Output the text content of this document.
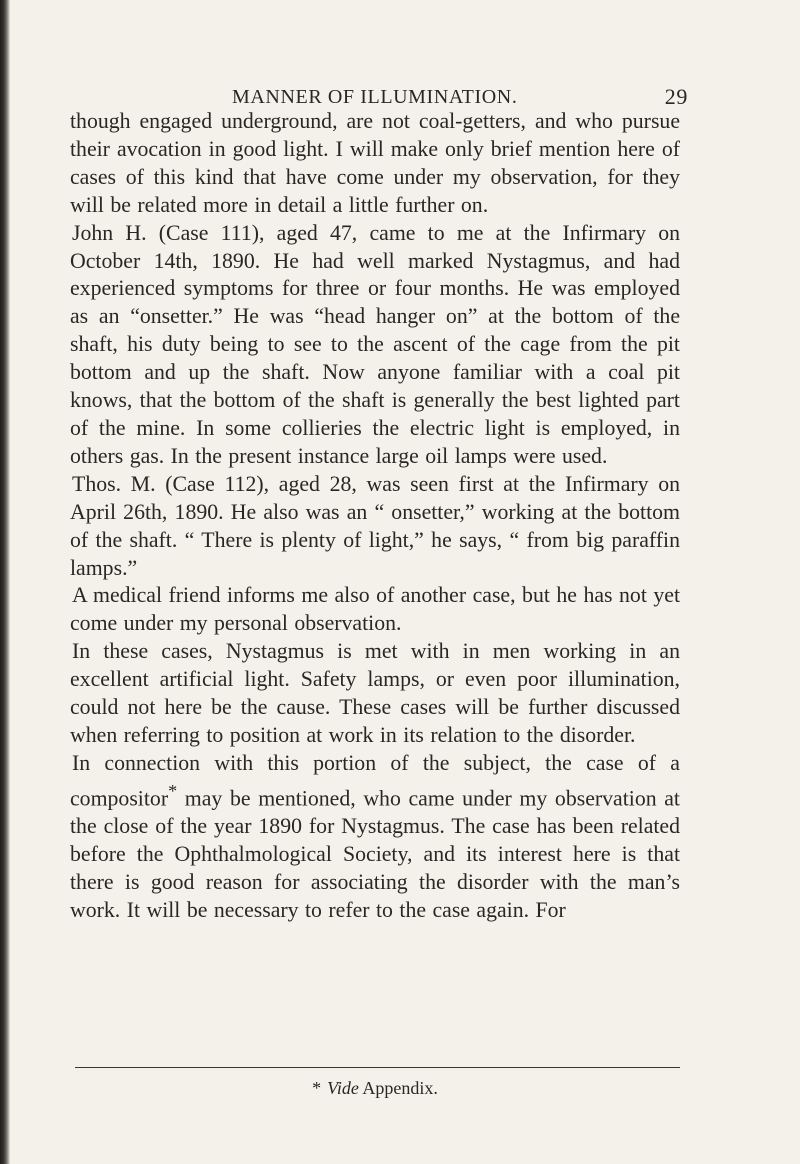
MANNER OF ILLUMINATION.	29

though engaged underground, are not coal-getters, and who pursue their avocation in good light. I will make only brief mention here of cases of this kind that have come under my observation, for they will be related more in detail a little further on.

John H. (Case 111), aged 47, came to me at the Infirmary on October 14th, 1890. He had well marked Nystagmus, and had experienced symptoms for three or four months. He was employed as an “onsetter.” He was “head hanger on” at the bottom of the shaft, his duty being to see to the ascent of the cage from the pit bottom and up the shaft. Now anyone familiar with a coal pit knows, that the bottom of the shaft is generally the best lighted part of the mine. In some collieries the electric light is employed, in others gas. In the present instance large oil lamps were used.

Thos. M. (Case 112), aged 28, was seen first at the Infirmary on April 26th, 1890. He also was an “ onsetter,” working at the bottom of the shaft. “ There is plenty of light,” he says, “ from big paraffin lamps.”

A medical friend informs me also of another case, but he has not yet come under my personal observation.

In these cases, Nystagmus is met with in men working in an excellent artificial light. Safety lamps, or even poor illumination, could not here be the cause. These cases will be further discussed when referring to position at work in its relation to the disorder.

In connection with this portion of the subject, the case of a compositor* may be mentioned, who came under my observation at the close of the year 1890 for Nystagmus. The case has been related before the Ophthalmological Society, and its interest here is that there is good reason for associating the disorder with the man’s work. It will be necessary to refer to the case again. For

* Vide Appendix.
